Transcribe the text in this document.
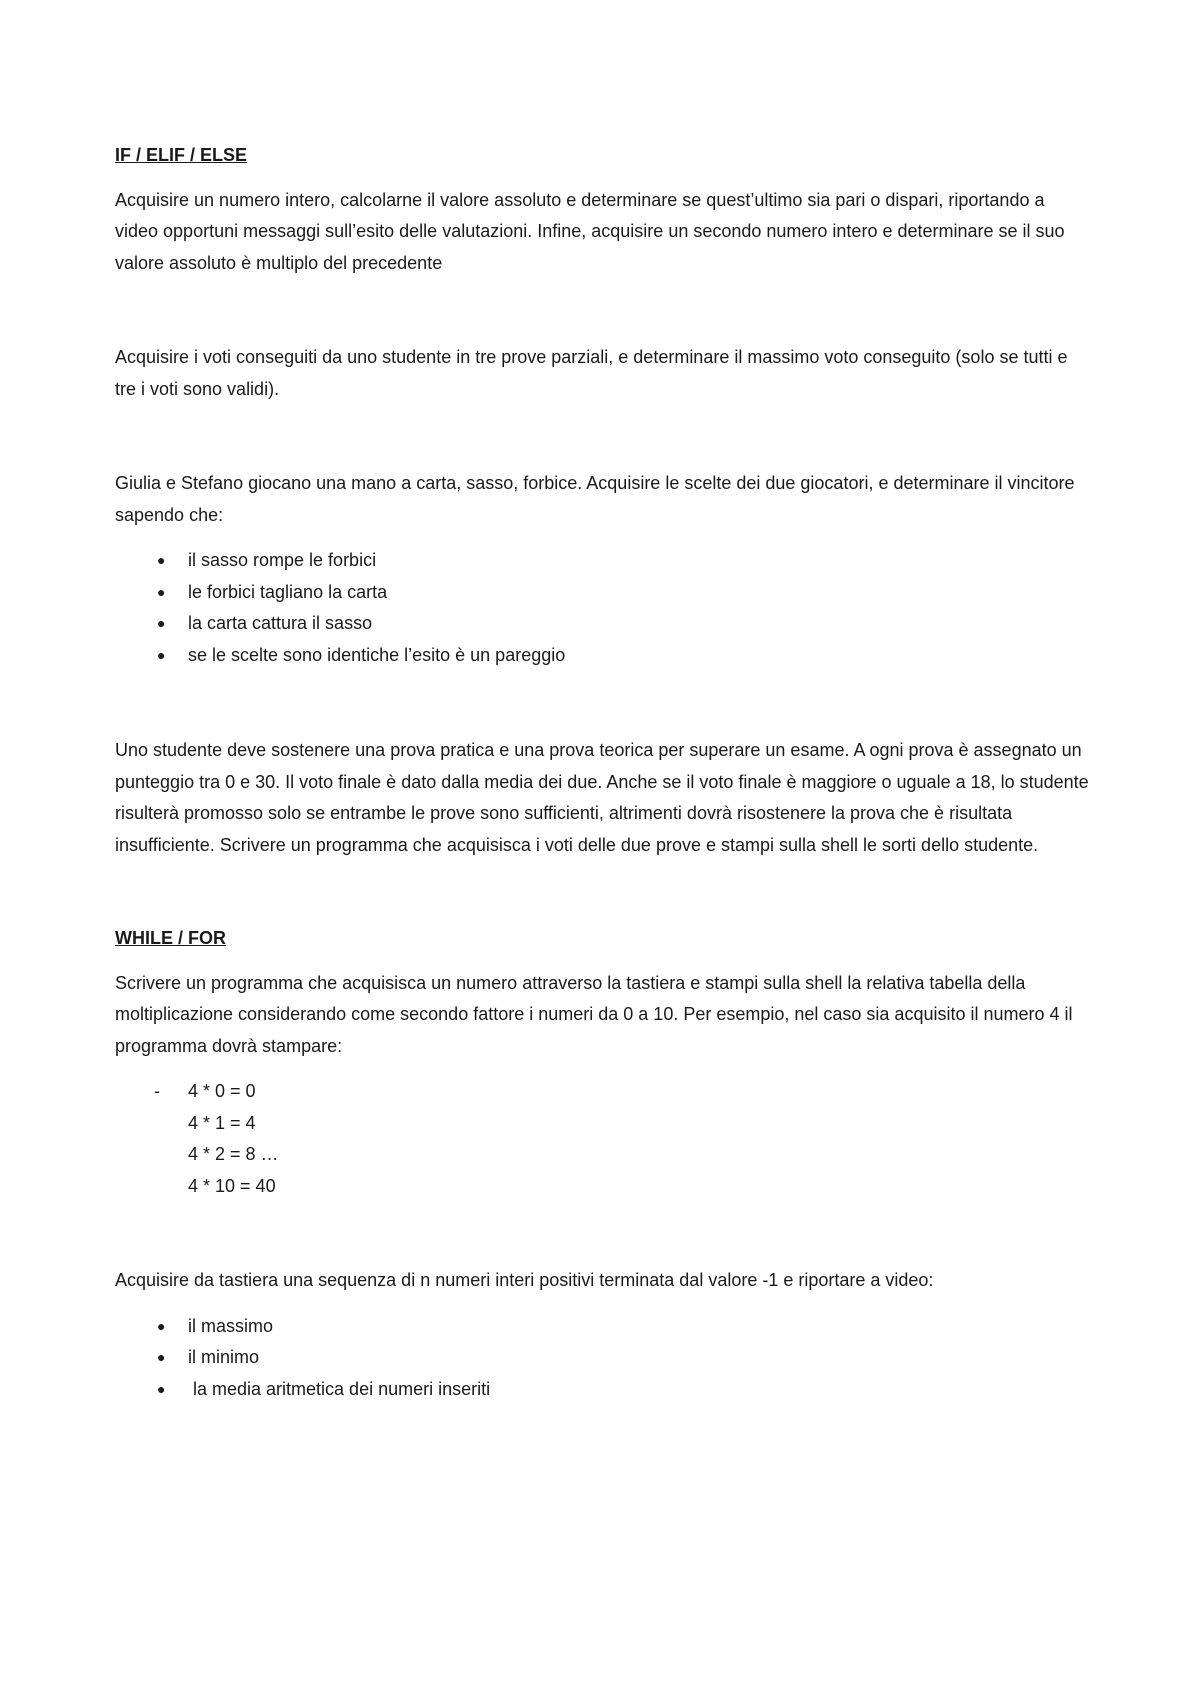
IF / ELIF / ELSE

Acquisire un numero intero, calcolarne il valore assoluto e determinare se quest’ultimo sia pari o dispari, riportando a video opportuni messaggi sull’esito delle valutazioni. Infine, acquisire un secondo numero intero e determinare se il suo valore assoluto è multiplo del precedente

Acquisire i voti conseguiti da uno studente in tre prove parziali, e determinare il massimo voto conseguito (solo se tutti e tre i voti sono validi).

Giulia e Stefano giocano una mano a carta, sasso, forbice. Acquisire le scelte dei due giocatori, e determinare il vincitore sapendo che:

● il sasso rompe le forbici
● le forbici tagliano la carta
● la carta cattura il sasso
● se le scelte sono identiche l’esito è un pareggio

Uno studente deve sostenere una prova pratica e una prova teorica per superare un esame. A ogni prova è assegnato un punteggio tra 0 e 30. Il voto finale è dato dalla media dei due. Anche se il voto finale è maggiore o uguale a 18, lo studente risulterà promosso solo se entrambe le prove sono sufficienti, altrimenti dovrà risostenere la prova che è risultata insufficiente. Scrivere un programma che acquisisca i voti delle due prove e stampi sulla shell le sorti dello studente.

WHILE / FOR

Scrivere un programma che acquisisca un numero attraverso la tastiera e stampi sulla shell la relativa tabella della moltiplicazione considerando come secondo fattore i numeri da 0 a 10. Per esempio, nel caso sia acquisito il numero 4 il programma dovrà stampare:

- 4 * 0 = 0
4 * 1 = 4
4 * 2 = 8 …
4 * 10 = 40

Acquisire da tastiera una sequenza di n numeri interi positivi terminata dal valore -1 e riportare a video:

● il massimo
● il minimo
● la media aritmetica dei numeri inseriti
